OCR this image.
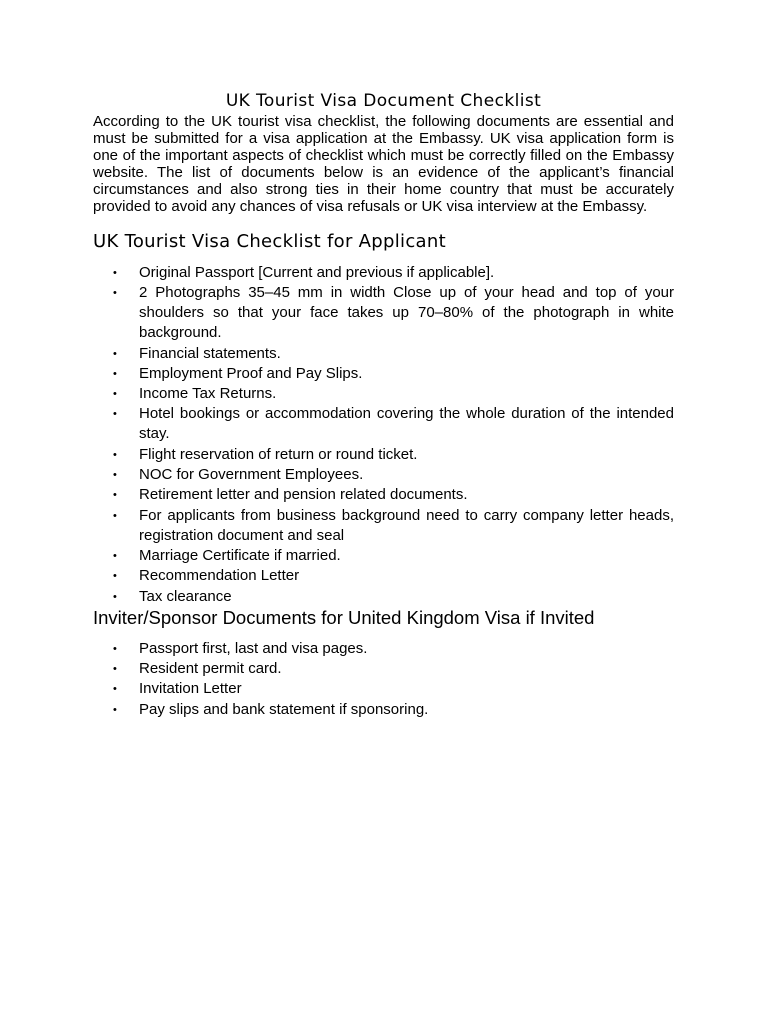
UK Tourist Visa Document Checklist

According to the UK tourist visa checklist, the following documents are essential and must be submitted for a visa application at the Embassy. UK visa application form is one of the important aspects of checklist which must be correctly filled on the Embassy website. The list of documents below is an evidence of the applicant’s financial circumstances and also strong ties in their home country that must be accurately provided to avoid any chances of visa refusals or UK visa interview at the Embassy.

UK Tourist Visa Checklist for Applicant
• Original Passport [Current and previous if applicable].
• 2 Photographs 35–45 mm in width Close up of your head and top of your shoulders so that your face takes up 70–80% of the photograph in white background.
• Financial statements.
• Employment Proof and Pay Slips.
• Income Tax Returns.
• Hotel bookings or accommodation covering the whole duration of the intended stay.
• Flight reservation of return or round ticket.
• NOC for Government Employees.
• Retirement letter and pension related documents.
• For applicants from business background need to carry company letter heads, registration document and seal
• Marriage Certificate if married.
• Recommendation Letter
• Tax clearance
Inviter/Sponsor Documents for United Kingdom Visa if Invited
• Passport first, last and visa pages.
• Resident permit card.
• Invitation Letter
• Pay slips and bank statement if sponsoring.
